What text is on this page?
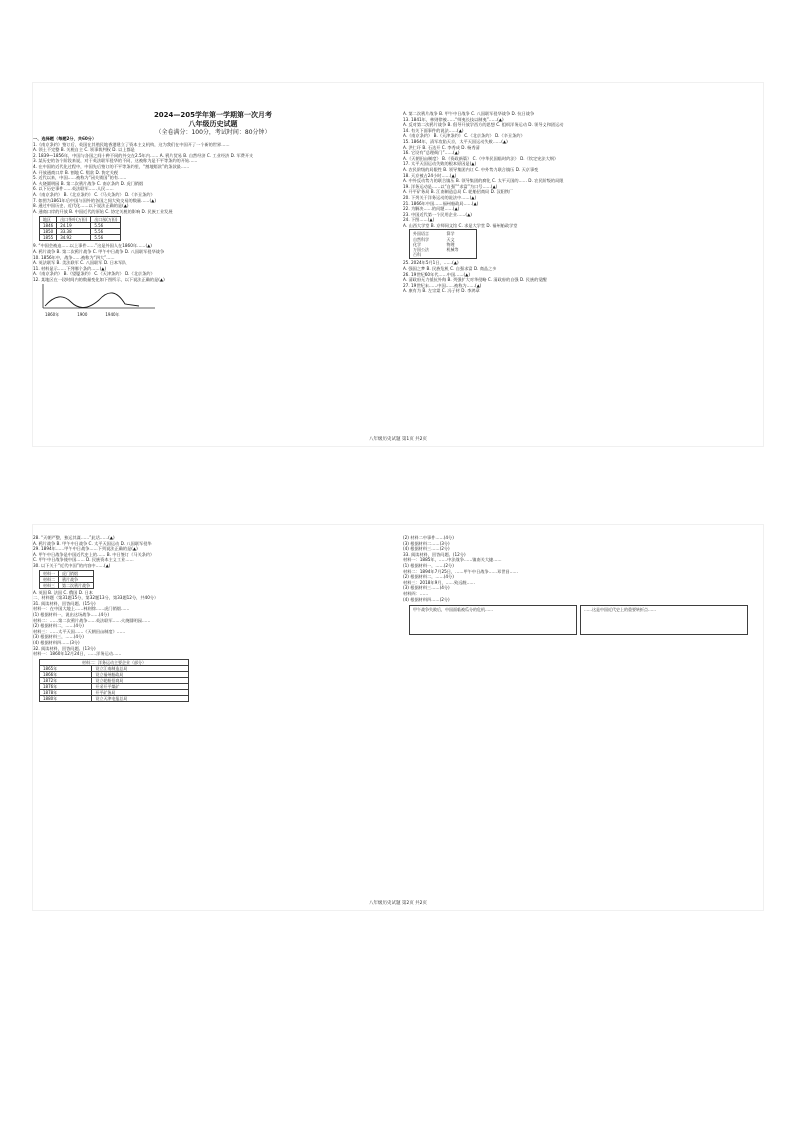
2024—205学年第一学期第一次月考
八年级历史试题
（全卷满分：100分，考试时间：80分钟）
一、选择题（每题2分，共60分）
1.《南京条约》签订后，英国在其殖民地香港建立了资本主义机构，这为我们在中国开了一个新的世界……
A. 领土不完整 B. 关税自主 C. 领事裁判权 D. 以上都是
2. 1839—1856年，中国与各国之间十种不同的外交在2.5年内…… A. 鸦片贸易 B. 自然经济 C. 工业经济 D. 军费开支
3. 某历史的各个阶段来说，对于英法联军侵华的不同，这被称为是不平等条约的开始……
4. 在中国的近代化过程中，中国先后签订的不平等条约里，“割地赔款”的条款最……
A. 开放通商口岸 B. 割地 C. 赔款 D. 协定关税
5. 近代以来，中国……被称为“闭关锁国”的有……
A. 火烧圆明园 B. 第二次鸦片战争 C. 南京条约 D. 虎门销烟
6. 以下历史事件……英法联军……人民……
A.《南京条约》 B.《北京条约》 C.《马关条约》 D.《辛丑条约》
7. 如图为1861年后中国与国外的各国之间大致交易的数量……(▲)
8. 通过中国历史，近代化……以下说法正确的是(▲)
A. 通商口岸的开放 B. 中国近代的原始 C. 协定关税的影响 D. 民族工业发展
地区	出口茶叶(万担)	出口丝(万担)
1846	24.19	5.56
1850	33.38	5.56
1855	34.92	5.56
9. “中国会被迫……以上事件……”这是外国人在1860年……(▲)
A. 鸦片战争 B. 第二次鸦片战争 C. 甲午中日战争 D. 八国联军侵华战争
10. 1856年中，战争……被称为“四大”……
A. 英法联军 B. 美法联军 C. 八国联军 D. 日本军队
11. 材料显示……下列哪个条约……(▲)
A.《南京条约》 B.《望厦条约》 C.《天津条约》 D.《北京条约》
12. 某地区在一段时间内的数量变化如下图所示，以下说法正确的是(▲)
1860年	1900	1940年
A. 第二次鸦片战争 B. 甲午中日战争 C. 八国联军侵华战争 D. 抗日战争
13. 1841年，林则徐被……“师夷长技以制夷”……(▲)
A. 反对第二次鸦片战争 B. 倡导开放学西方的思想 C. 组织洋务运动 D. 领导义和团运动
14. 有关下面事件的说法……(▲)
A.《南京条约》 B.《天津条约》 C.《北京条约》 D.《辛丑条约》
15. 1864年，清军攻陷天京，太平天国运动失败……(▲)
A. 洪仁玕 B. 石达开 C. 李秀成 D. 杨秀清
16. 它设有“总理衙门”……(▲)
A.《天朝田亩制度》 B.《资政新篇》 C.《中华民国临时约法》 D.《钦定宪法大纲》
17. 太平天国运动失败的根本原因是(▲)
A. 农民阶级的局限性 B. 领导集团内讧 C. 中外势力联合镇压 D. 天京事变
18. 天京被占24小时……(▲)
A. 中外反动势力的联合镇压 B. 领导集团的腐化 C. 太平天国的…… D. 农民阶级的局限
19. 洋务运动是……以“自强”“求富”为口号……(▲)
A. 开平矿务局 B. 江南制造总局 C. 轮船招商局 D. 汉阳铁厂
20. 下列关于洋务运动的说法中……(▲)
21. 1866年中国……福州船政局……(▲)
22. 为解决……的问题……(▲)
23. 中国近代第一个民用企业……(▲)
24. 下图……(▲)
A. 山西大学堂 B. 京师同文馆 C. 求是大学堂 D. 福州船政学堂
外国语言	算学
自然科学	天文
化学	物理
万国公法	机械等
百科
25. 2024年5月1日，……(▲)
A. 强国之梦 B. 民族危机 C. 自强求富 D. 商品之多
26. 19世纪60年代……中国……(▲)
A. 清政府无力抵抗外侮 B. 列强扩大对华侵略 C. 清政府的自强 D. 民族的觉醒
27. 19世纪末……中国……被称为……(▲)
A. 康有为 B. 左宗棠 C. 冯子材 D. 李鸿章
八年级历史试题 第1页 共2页
28. “天朝严整，独运其谋……”此话……(▲)
A. 鸦片战争 B. 甲午中日战争 C. 太平天国运动 D. 八国联军侵华
29. 1894年……甲午中日战争……下列说法正确的是(▲)
A. 甲午中日战争是中国近代史上的…… B. 中日签订《马关条约》
C. 甲午中日战争使中国…… D. 民族资本主义工业……
30. 以下关于“近代中国”的内容中……(▲)
材料一	虎门销烟
材料二	鸦片战争
材料三	第二次鸦片战争
A. 英国 B. 法国 C. 俄国 D. 日本
二、材料题（第31题15分，第32题13分，第33题12分，共40分）
31. 阅读材料，回答问题。(15分)
材料一：在中国大地上……林则徐……虎门销烟……
(1) 根据材料一，说出这场战争……(4分)
材料二：……第二次鸦片战争……英法联军……火烧圆明园……
(2) 根据材料二，……(4分)
材料三：……太平天国……《天朝田亩制度》……
(3) 根据材料三，……(4分)
(4) 根据材料四……(3分)
32. 阅读材料，回答问题。(13分)
材料一：1860年12月24日，……洋务运动……
材料二：洋务运动主要企业（部分）	
1865年	设立江南制造总局
1866年	设立福州船政局
1872年	设立轮船招商局
1876年	开采开平煤矿
1878年	开平矿务局
1880年	设立天津电报总局
(2) 材料二中事件……(4分)
(3) 根据材料二……(3分)
(4) 根据材料三……(2分)
33. 阅读材料，回答问题。(12分)
材料一：1885年，……中法战争……镇南关大捷……
(1) 根据材料一，……(2分)
材料二：1894年7月25日，……甲午中日战争……邓世昌……
(2) 根据材料二，……(4分)
材料三：2018年9月，……致远舰……
(3) 根据材料三……(4分)
材料四：……
(4) 根据材料四……(2分)
甲午战争失败后，中国面临被瓜分的危机……	……这是中国近代史上的重要转折点……
八年级历史试题 第2页 共2页
